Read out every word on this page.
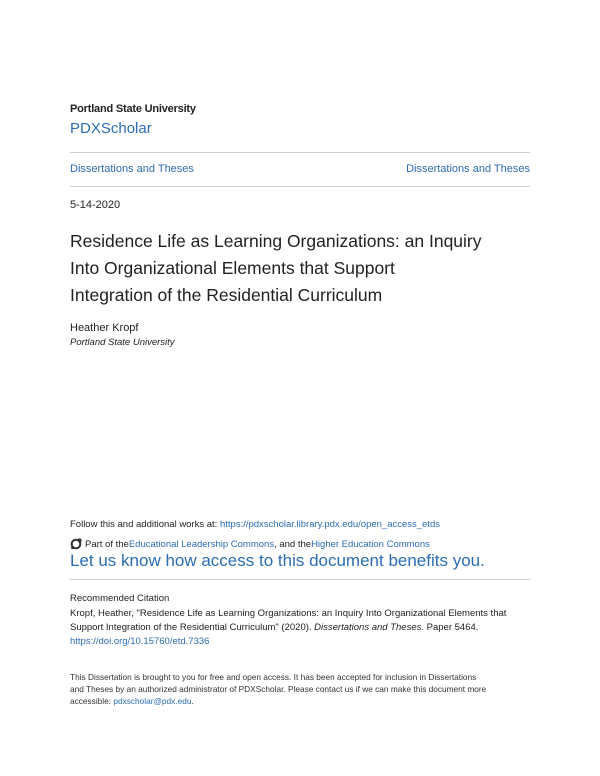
Portland State University
PDXScholar
Dissertations and Theses	Dissertations and Theses
5-14-2020
Residence Life as Learning Organizations: an Inquiry
Into Organizational Elements that Support
Integration of the Residential Curriculum
Heather Kropf
Portland State University
Follow this and additional works at: https://pdxscholar.library.pdx.edu/open_access_etds
Part of the Educational Leadership Commons , and the Higher Education Commons
Let us know how access to this document benefits you.
Recommended Citation
Kropf, Heather, "Residence Life as Learning Organizations: an Inquiry Into Organizational Elements that
Support Integration of the Residential Curriculum" (2020). Dissertations and Theses. Paper 5464.
https://doi.org/10.15760/etd.7336
This Dissertation is brought to you for free and open access. It has been accepted for inclusion in Dissertations
and Theses by an authorized administrator of PDXScholar. Please contact us if we can make this document more
accessible: pdxscholar@pdx.edu.
